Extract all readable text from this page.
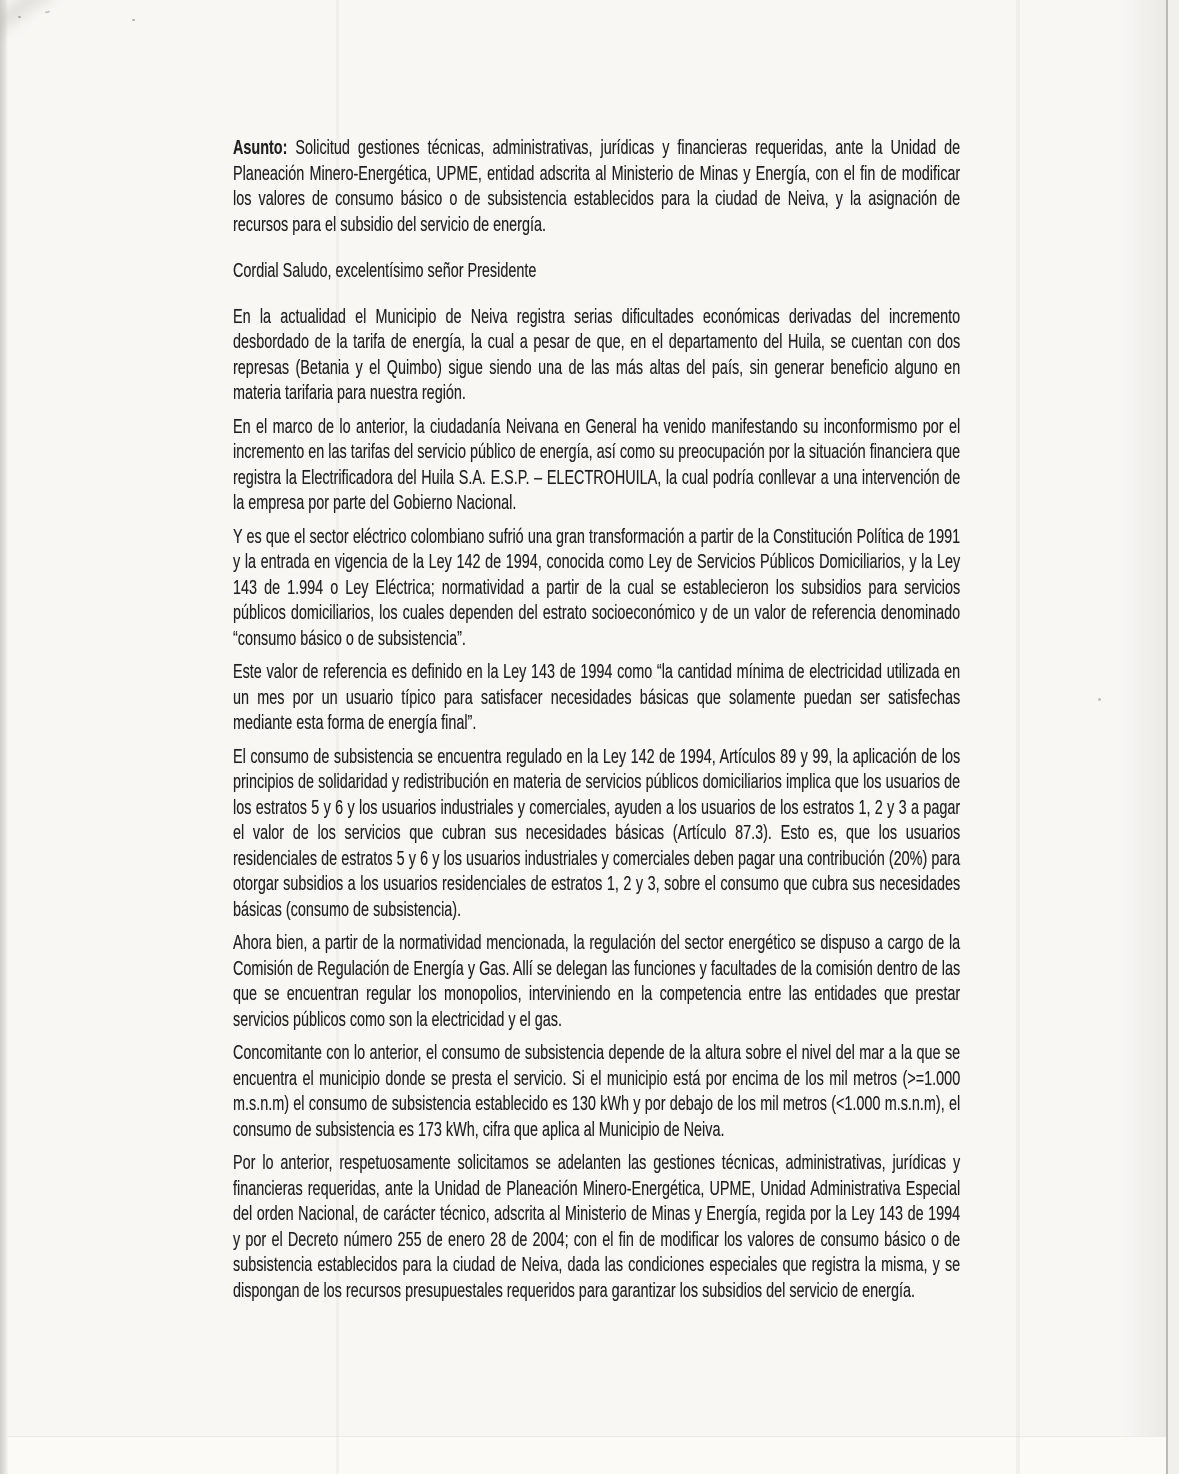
Asunto: Solicitud gestiones técnicas, administrativas, jurídicas y financieras requeridas, ante la Unidad de Planeación Minero-Energética, UPME, entidad adscrita al Ministerio de Minas y Energía, con el fin de modificar los valores de consumo básico o de subsistencia establecidos para la ciudad de Neiva, y la asignación de recursos para el subsidio del servicio de energía.

Cordial Saludo, excelentísimo señor Presidente

En la actualidad el Municipio de Neiva registra serias dificultades económicas derivadas del incremento desbordado de la tarifa de energía, la cual a pesar de que, en el departamento del Huila, se cuentan con dos represas (Betania y el Quimbo) sigue siendo una de las más altas del país, sin generar beneficio alguno en materia tarifaria para nuestra región.

En el marco de lo anterior, la ciudadanía Neivana en General ha venido manifestando su inconformismo por el incremento en las tarifas del servicio público de energía, así como su preocupación por la situación financiera que registra la Electrificadora del Huila S.A. E.S.P. – ELECTROHUILA, la cual podría conllevar a una intervención de la empresa por parte del Gobierno Nacional.

Y es que el sector eléctrico colombiano sufrió una gran transformación a partir de la Constitución Política de 1991 y la entrada en vigencia de la Ley 142 de 1994, conocida como Ley de Servicios Públicos Domiciliarios, y la Ley 143 de 1.994 o Ley Eléctrica; normatividad a partir de la cual se establecieron los subsidios para servicios públicos domiciliarios, los cuales dependen del estrato socioeconómico y de un valor de referencia denominado “consumo básico o de subsistencia”.

Este valor de referencia es definido en la Ley 143 de 1994 como “la cantidad mínima de electricidad utilizada en un mes por un usuario típico para satisfacer necesidades básicas que solamente puedan ser satisfechas mediante esta forma de energía final”.

El consumo de subsistencia se encuentra regulado en la Ley 142 de 1994, Artículos 89 y 99, la aplicación de los principios de solidaridad y redistribución en materia de servicios públicos domiciliarios implica que los usuarios de los estratos 5 y 6 y los usuarios industriales y comerciales, ayuden a los usuarios de los estratos 1, 2 y 3 a pagar el valor de los servicios que cubran sus necesidades básicas (Artículo 87.3). Esto es, que los usuarios residenciales de estratos 5 y 6 y los usuarios industriales y comerciales deben pagar una contribución (20%) para otorgar subsidios a los usuarios residenciales de estratos 1, 2 y 3, sobre el consumo que cubra sus necesidades básicas (consumo de subsistencia).

Ahora bien, a partir de la normatividad mencionada, la regulación del sector energético se dispuso a cargo de la Comisión de Regulación de Energía y Gas. Allí se delegan las funciones y facultades de la comisión dentro de las que se encuentran regular los monopolios, interviniendo en la competencia entre las entidades que prestar servicios públicos como son la electricidad y el gas.

Concomitante con lo anterior, el consumo de subsistencia depende de la altura sobre el nivel del mar a la que se encuentra el municipio donde se presta el servicio. Si el municipio está por encima de los mil metros (>=1.000 m.s.n.m) el consumo de subsistencia establecido es 130 kWh y por debajo de los mil metros (<1.000 m.s.n.m), el consumo de subsistencia es 173 kWh, cifra que aplica al Municipio de Neiva.

Por lo anterior, respetuosamente solicitamos se adelanten las gestiones técnicas, administrativas, jurídicas y financieras requeridas, ante la Unidad de Planeación Minero-Energética, UPME, Unidad Administrativa Especial del orden Nacional, de carácter técnico, adscrita al Ministerio de Minas y Energía, regida por la Ley 143 de 1994 y por el Decreto número 255 de enero 28 de 2004; con el fin de modificar los valores de consumo básico o de subsistencia establecidos para la ciudad de Neiva, dada las condiciones especiales que registra la misma, y se dispongan de los recursos presupuestales requeridos para garantizar los subsidios del servicio de energía.
